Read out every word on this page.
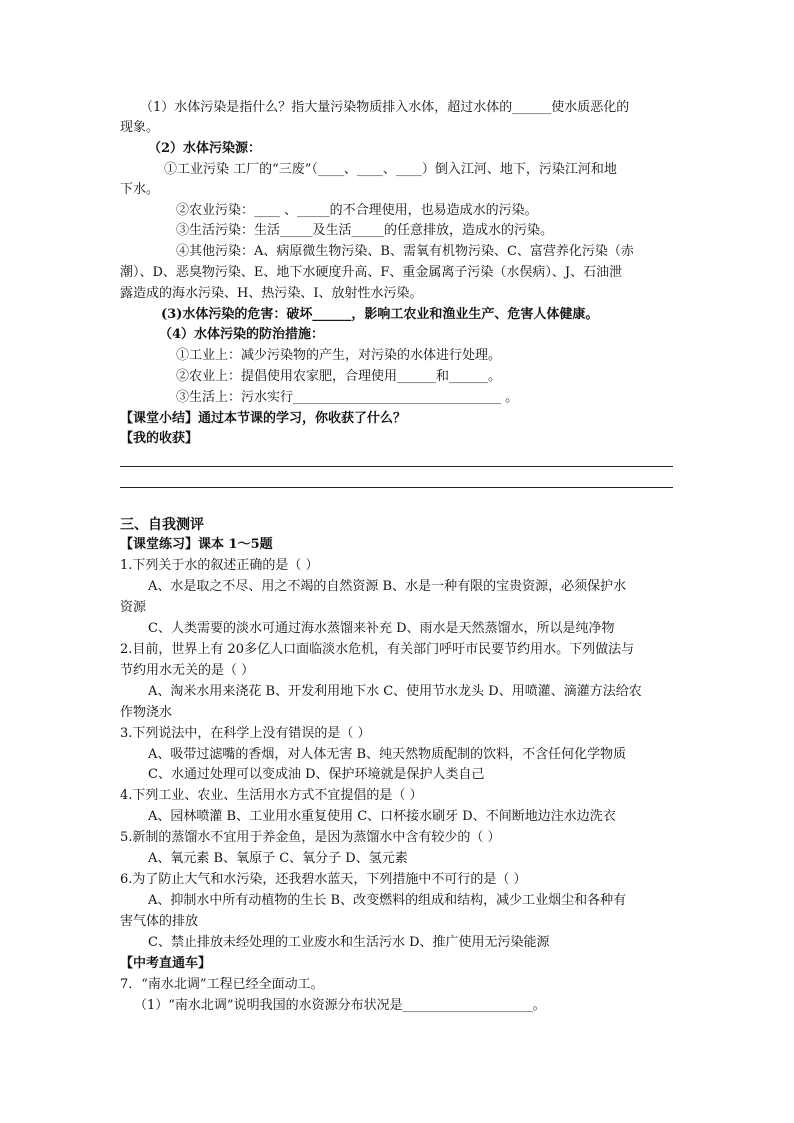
（1）水体污染是指什么？指大量污染物质排入水体，超过水体的______使水质恶化的
现象。
（2）水体污染源：
①工业污染 工厂的“三废”（____、____、____）倒入江河、地下，污染江河和地
下水。
②农业污染：____ 、_____的不合理使用，也易造成水的污染。
③生活污染：生活_____及生活_____的任意排放，造成水的污染。
④其他污染：A、病原微生物污染、B、需氧有机物污染、C、富营养化污染（赤
潮）、D、恶臭物污染、E、地下水硬度升高、F、重金属离子污染（水俣病）、J、石油泄
露造成的海水污染、H、热污染、I、放射性水污染。
(3)水体污染的危害：破坏______，影响工农业和渔业生产、危害人体健康。
（4）水体污染的防治措施：
①工业上：减少污染物的产生，对污染的水体进行处理。
②农业上：提倡使用农家肥，合理使用______和______。
③生活上：污水实行________________________________ 。
【课堂小结】通过本节课的学习，你收获了什么？
【我的收获】
三、自我测评
【课堂练习】课本 1～5题
1.下列关于水的叙述正确的是（ ）
A、水是取之不尽、用之不竭的自然资源 B、水是一种有限的宝贵资源，必须保护水
资源
C、人类需要的淡水可通过海水蒸馏来补充 D、雨水是天然蒸馏水，所以是纯净物
2.目前，世界上有 20多亿人口面临淡水危机，有关部门呼吁市民要节约用水。下列做法与
节约用水无关的是（ ）
A、淘米水用来浇花 B、开发利用地下水 C、使用节水龙头 D、用喷灌、滴灌方法给农
作物浇水
3.下列说法中，在科学上没有错误的是（ ）
A、吸带过滤嘴的香烟，对人体无害 B、纯天然物质配制的饮料，不含任何化学物质
C、水通过处理可以变成油 D、保护环境就是保护人类自己
4.下列工业、农业、生活用水方式不宜提倡的是（ ）
A、园林喷灌 B、工业用水重复使用 C、口杯接水刷牙 D、不间断地边注水边洗衣
5.新制的蒸馏水不宜用于养金鱼，是因为蒸馏水中含有较少的（ ）
A、氧元素 B、氧原子 C、氧分子 D、氢元素
6.为了防止大气和水污染，还我碧水蓝天，下列措施中不可行的是（ ）
A、抑制水中所有动植物的生长 B、改变燃料的组成和结构，减少工业烟尘和各种有
害气体的排放
C、禁止排放未经处理的工业废水和生活污水 D、推广使用无污染能源
【中考直通车】
7．“南水北调”工程已经全面动工。
（1）“南水北调”说明我国的水资源分布状况是____________________。
